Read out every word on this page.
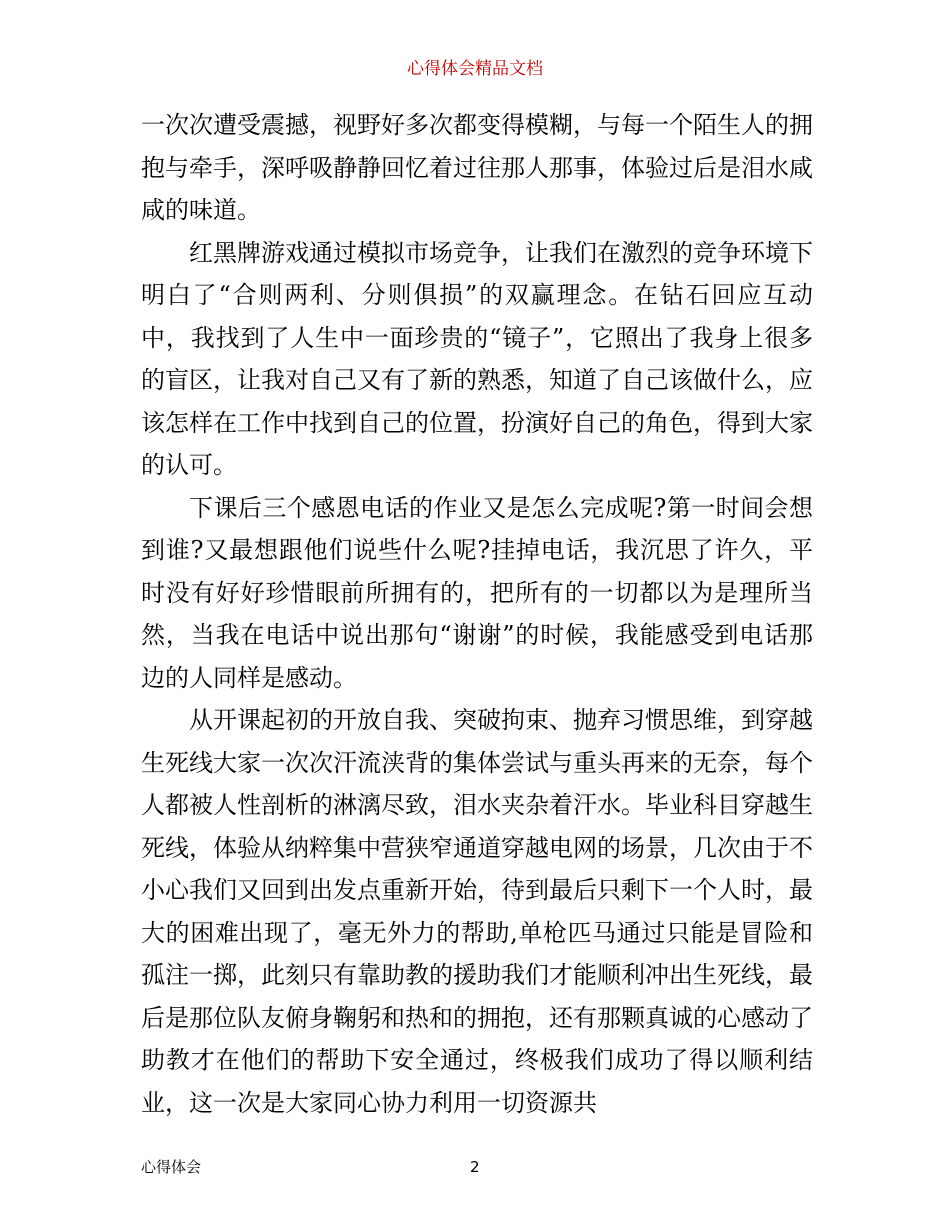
心得体会精品文档

一次次遭受震撼，视野好多次都变得模糊，与每一个陌生人的拥抱与牵手，深呼吸静静回忆着过往那人那事，体验过后是泪水咸咸的味道。

红黑牌游戏通过模拟市场竞争，让我们在激烈的竞争环境下明白了“合则两利、分则俱损”的双赢理念。在钻石回应互动中，我找到了人生中一面珍贵的“镜子”，它照出了我身上很多的盲区，让我对自己又有了新的熟悉，知道了自己该做什么，应该怎样在工作中找到自己的位置，扮演好自己的角色，得到大家的认可。

下课后三个感恩电话的作业又是怎么完成呢?第一时间会想到谁?又最想跟他们说些什么呢?挂掉电话，我沉思了许久，平时没有好好珍惜眼前所拥有的，把所有的一切都以为是理所当然，当我在电话中说出那句“谢谢”的时候，我能感受到电话那边的人同样是感动。

从开课起初的开放自我、突破拘束、抛弃习惯思维，到穿越生死线大家一次次汗流浃背的集体尝试与重头再来的无奈，每个人都被人性剖析的淋漓尽致，泪水夹杂着汗水。毕业科目穿越生死线，体验从纳粹集中营狭窄通道穿越电网的场景，几次由于不小心我们又回到出发点重新开始，待到最后只剩下一个人时，最大的困难出现了，毫无外力的帮助,单枪匹马通过只能是冒险和孤注一掷，此刻只有靠助教的援助我们才能顺利冲出生死线，最后是那位队友俯身鞠躬和热和的拥抱，还有那颗真诚的心感动了助教才在他们的帮助下安全通过，终极我们成功了得以顺利结业，这一次是大家同心协力利用一切资源共

心得体会	2
